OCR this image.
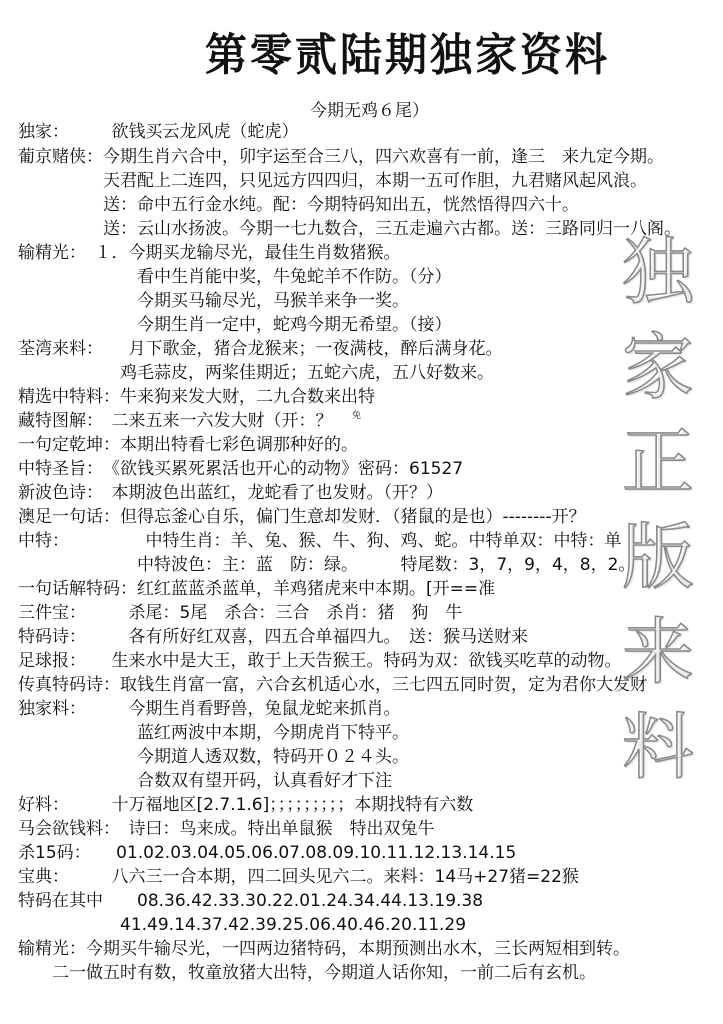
第零贰陆期独家资料
今期无鸡６尾）
独家：　　　欲钱买云龙风虎（蛇虎）
葡京赌侠：今期生肖六合中，卯宇运至合三八，四六欢喜有一前，逢三　来九定今期。
　　　　　天君配上二连四，只见远方四四归，本期一五可作胆，九君赌风起风浪。
　　　　　送：命中五行金水纯。配：今期特码知出五，恍然悟得四六十。
　　　　　送：云山水扬波。今期一七九数合，三五走遍六古都。送：三路同归一八阁。
输精光：　１．今期买龙输尽光，最佳生肖数猪猴。
　　　　　　　看中生肖能中奖，牛兔蛇羊不作防。（分）
　　　　　　　今期买马输尽光，马猴羊来争一奖。
　　　　　　　今期生肖一定中，蛇鸡今期无希望。（接）
荃湾来料：　　月下歌金，猪合龙猴来；一夜满枝，醉后满身花。
　　　　　　鸡毛蒜皮，两桨佳期近；五蛇六虎，五八好数来。
精选中特料：牛来狗来发大财，二九合数来出特
藏特图解：　二来五来一六发大财（开：？ 免
一句定乾坤：本期出特看七彩色调那种好的。
中特圣旨：　《欲钱买累死累活也开心的动物》密码：61527
新波色诗：　本期波色出蓝红，龙蛇看了也发财。（开？）
澳足一句话：但得忘釜心自乐，偏门生意却发财．（猪鼠的是也）--------开？
中特：　　　　　中特生肖：羊、兔、猴、牛、狗、鸡、蛇。中特单双：中特：单
　　　　　　　中特波色：主：蓝　防：绿。　　　特尾数：3，7，9，4，8，2。
一句话解特码：红红蓝蓝杀蓝单，羊鸡猪虎来中本期。[开==准
三件宝：　　　杀尾：5尾　杀合：三合　杀肖：猪　狗　牛
特码诗：　　　各有所好红双喜，四五合单福四九。　送：猴马送财来
足球报：　　生来水中是大王，敢于上天告猴王。特码为双：欲钱买吃草的动物。
传真特码诗：取钱生肖富一富，六合玄机适心水，三七四五同时贺，定为君你大发财
独家料：　　　今期生肖看野兽，兔鼠龙蛇来抓肖。
　　　　　　　蓝红两波中本期，今期虎肖下特平。
　　　　　　　今期道人透双数，特码开０２４头。
　　　　　　　合数双有望开码，认真看好才下注
好料：　　　十万福地区[2.7.1.6]；；；；；；；；；本期找特有六数
马会欲钱料：　诗曰：鸟来成。特出单鼠猴　特出双兔牛
杀15码：　　01.02.03.04.05.06.07.08.09.10.11.12.13.14.15
宝典：　　　八六三一合本期，四二回头见六二。来料：14马+27猪=22猴
特码在其中　　08.36.42.33.30.22.01.24.34.44.13.19.38
　　　　　　41.49.14.37.42.39.25.06.40.46.20.11.29
输精光：今期买牛输尽光，一四两边猪特码，本期预测出水木，三长两短相到转。
　　二一做五时有数，牧童放猪大出特，今期道人话你知，一前二后有玄机。
独
家
正
版
来
料
